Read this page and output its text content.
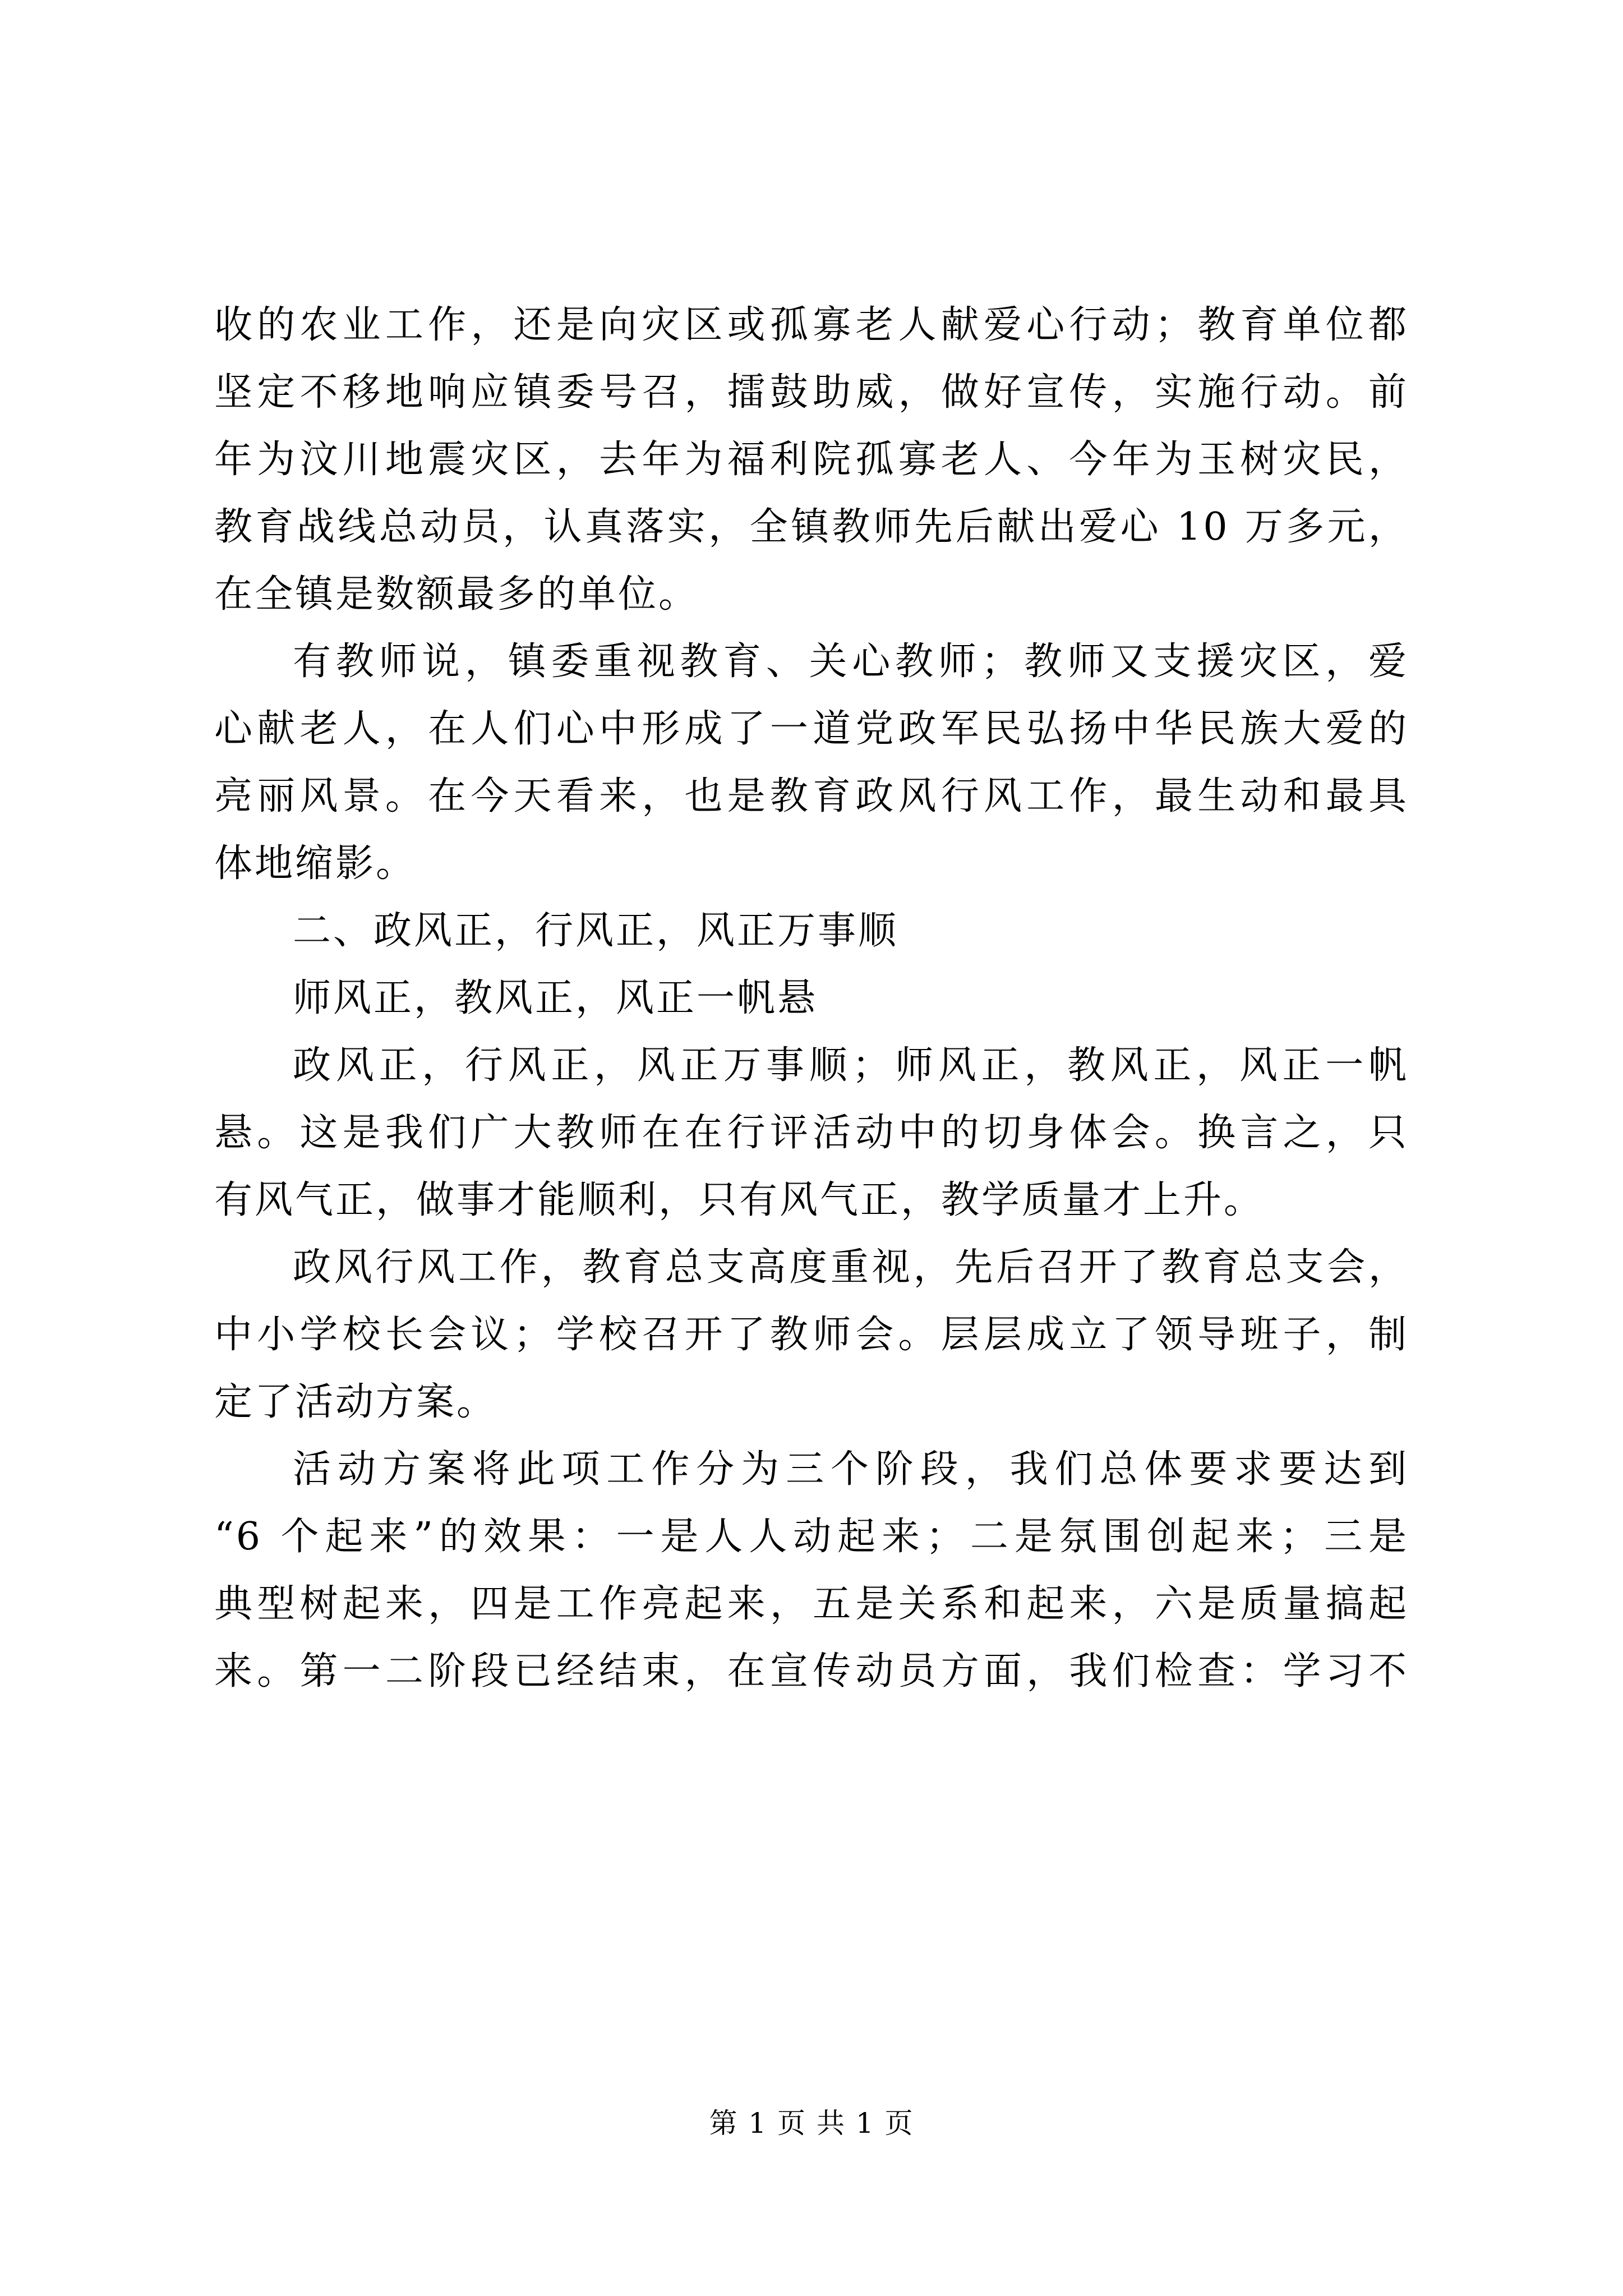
收的农业工作，还是向灾区或孤寡老人献爱心行动；教育单位都
坚定不移地响应镇委号召，擂鼓助威，做好宣传，实施行动。前
年为汶川地震灾区，去年为福利院孤寡老人、今年为玉树灾民，
教育战线总动员，认真落实，全镇教师先后献出爱心 10 万多元，
在全镇是数额最多的单位。

有教师说，镇委重视教育、关心教师；教师又支援灾区，爱
心献老人，在人们心中形成了一道党政军民弘扬中华民族大爱的
亮丽风景。在今天看来，也是教育政风行风工作，最生动和最具
体地缩影。

二、政风正，行风正，风正万事顺

师风正，教风正，风正一帆悬

政风正，行风正，风正万事顺；师风正，教风正，风正一帆
悬。这是我们广大教师在在行评活动中的切身体会。换言之，只
有风气正，做事才能顺利，只有风气正，教学质量才上升。

政风行风工作，教育总支高度重视，先后召开了教育总支会，
中小学校长会议；学校召开了教师会。层层成立了领导班子，制
定了活动方案。

活动方案将此项工作分为三个阶段，我们总体要求要达到
“6 个起来”的效果：一是人人动起来；二是氛围创起来；三是
典型树起来，四是工作亮起来，五是关系和起来，六是质量搞起
来。第一二阶段已经结束，在宣传动员方面，我们检查：学习不

第 1 页 共 1 页
